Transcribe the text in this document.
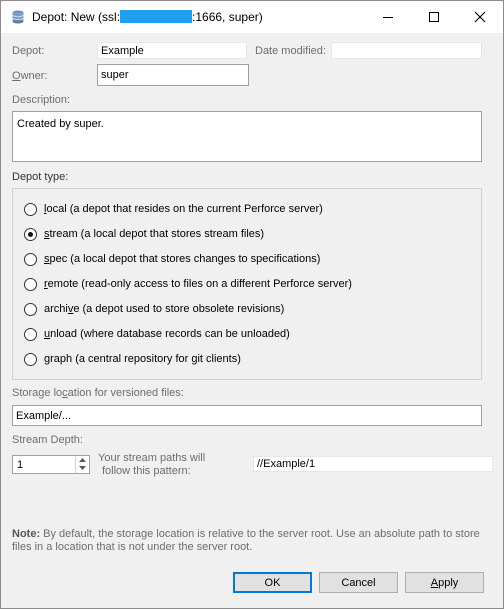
Depot: New (ssl:	:1666, super)
Depot:	Example	Date modified:
Owner:	super
Description:
Created by super.
Depot type:
local (a depot that resides on the current Perforce server)
stream (a local depot that stores stream files)
spec (a local depot that stores changes to specifications)
remote (read-only access to files on a different Perforce server)
archive (a depot used to store obsolete revisions)
unload (where database records can be unloaded)
graph (a central repository for git clients)
Storage location for versioned files:
Example/...
Stream Depth:
1
Your stream paths will
follow this pattern:
//Example/1
Note: By default, the storage location is relative to the server root. Use an absolute path to store files in a location that is not under the server root.
OK	Cancel	A pply
